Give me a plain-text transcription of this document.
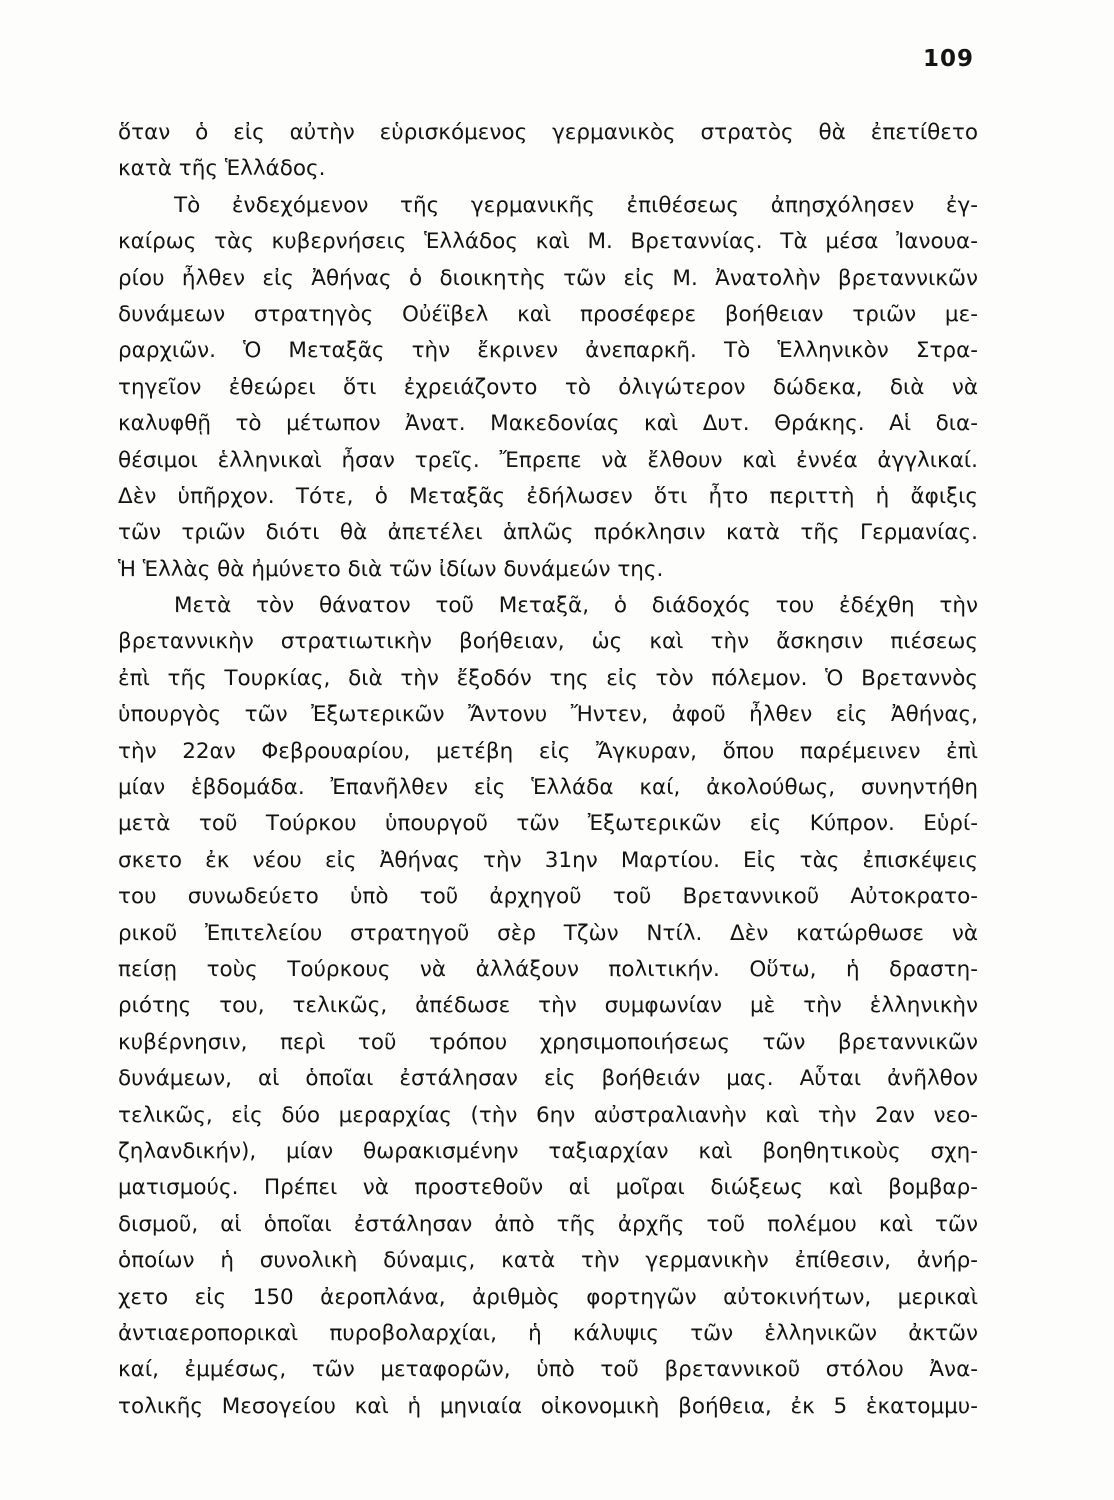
109
ὅταν ὁ εἰς αὐτὴν εὑρισκόμενος γερμανικὸς στρατὸς θὰ ἐπετίθετο
κατὰ τῆς Ἑλλάδος.
Τὸ ἐνδεχόμενον τῆς γερμανικῆς ἐπιθέσεως ἀπησχόλησεν ἐγ-
καίρως τὰς κυβερνήσεις Ἑλλάδος καὶ Μ. Βρεταννίας. Τὰ μέσα Ἰανουα-
ρίου ἦλθεν εἰς Ἀθήνας ὁ διοικητὴς τῶν εἰς Μ. Ἀνατολὴν βρεταννικῶν
δυνάμεων στρατηγὸς Οὐέϊβελ καὶ προσέφερε βοήθειαν τριῶν με-
ραρχιῶν. Ὁ Μεταξᾶς τὴν ἔκρινεν ἀνεπαρκῆ. Τὸ Ἑλληνικὸν Στρα-
τηγεῖον ἐθεώρει ὅτι ἐχρειάζοντο τὸ ὀλιγώτερον δώδεκα, διὰ νὰ
καλυφθῇ τὸ μέτωπον Ἀνατ. Μακεδονίας καὶ Δυτ. Θράκης. Αἱ δια-
θέσιμοι ἑλληνικαὶ ἦσαν τρεῖς. Ἔπρεπε νὰ ἔλθουν καὶ ἐννέα ἀγγλικαί.
Δὲν ὑπῆρχον. Τότε, ὁ Μεταξᾶς ἐδήλωσεν ὅτι ἦτο περιττὴ ἡ ἄφιξις
τῶν τριῶν διότι θὰ ἀπετέλει ἁπλῶς πρόκλησιν κατὰ τῆς Γερμανίας.
Ἡ Ἑλλὰς θὰ ἠμύνετο διὰ τῶν ἰδίων δυνάμεών της.
Μετὰ τὸν θάνατον τοῦ Μεταξᾶ, ὁ διάδοχός του ἐδέχθη τὴν
βρεταννικὴν στρατιωτικὴν βοήθειαν, ὡς καὶ τὴν ἄσκησιν πιέσεως
ἐπὶ τῆς Τουρκίας, διὰ τὴν ἔξοδόν της εἰς τὸν πόλεμον. Ὁ Βρεταννὸς
ὑπουργὸς τῶν Ἐξωτερικῶν Ἄντονυ Ἤντεν, ἀφοῦ ἦλθεν εἰς Ἀθήνας,
τὴν 22αν Φεβρουαρίου, μετέβη εἰς Ἄγκυραν, ὅπου παρέμεινεν ἐπὶ
μίαν ἑβδομάδα. Ἐπανῆλθεν εἰς Ἑλλάδα καί, ἀκολούθως, συνηντήθη
μετὰ τοῦ Τούρκου ὑπουργοῦ τῶν Ἐξωτερικῶν εἰς Κύπρον. Εὑρί-
σκετο ἐκ νέου εἰς Ἀθήνας τὴν 31ην Μαρτίου. Εἰς τὰς ἐπισκέψεις
του συνωδεύετο ὑπὸ τοῦ ἀρχηγοῦ τοῦ Βρεταννικοῦ Αὐτοκρατο-
ρικοῦ Ἐπιτελείου στρατηγοῦ σὲρ Τζὼν Ντίλ. Δὲν κατώρθωσε νὰ
πείσῃ τοὺς Τούρκους νὰ ἀλλάξουν πολιτικήν. Οὕτω, ἡ δραστη-
ριότης του, τελικῶς, ἀπέδωσε τὴν συμφωνίαν μὲ τὴν ἑλληνικὴν
κυβέρνησιν, περὶ τοῦ τρόπου χρησιμοποιήσεως τῶν βρεταννικῶν
δυνάμεων, αἱ ὁποῖαι ἐστάλησαν εἰς βοήθειάν μας. Αὗται ἀνῆλθον
τελικῶς, εἰς δύο μεραρχίας (τὴν 6ην αὐστραλιανὴν καὶ τὴν 2αν νεο-
ζηλανδικήν), μίαν θωρακισμένην ταξιαρχίαν καὶ βοηθητικοὺς σχη-
ματισμούς. Πρέπει νὰ προστεθοῦν αἱ μοῖραι διώξεως καὶ βομβαρ-
δισμοῦ, αἱ ὁποῖαι ἐστάλησαν ἀπὸ τῆς ἀρχῆς τοῦ πολέμου καὶ τῶν
ὁποίων ἡ συνολικὴ δύναμις, κατὰ τὴν γερμανικὴν ἐπίθεσιν, ἀνήρ-
χετο εἰς 150 ἀεροπλάνα, ἀριθμὸς φορτηγῶν αὐτοκινήτων, μερικαὶ
ἀντιαεροπορικαὶ πυροβολαρχίαι, ἡ κάλυψις τῶν ἑλληνικῶν ἀκτῶν
καί, ἐμμέσως, τῶν μεταφορῶν, ὑπὸ τοῦ βρεταννικοῦ στόλου Ἀνα-
τολικῆς Μεσογείου καὶ ἡ μηνιαία οἰκονομικὴ βοήθεια, ἐκ 5 ἑκατομμυ-
